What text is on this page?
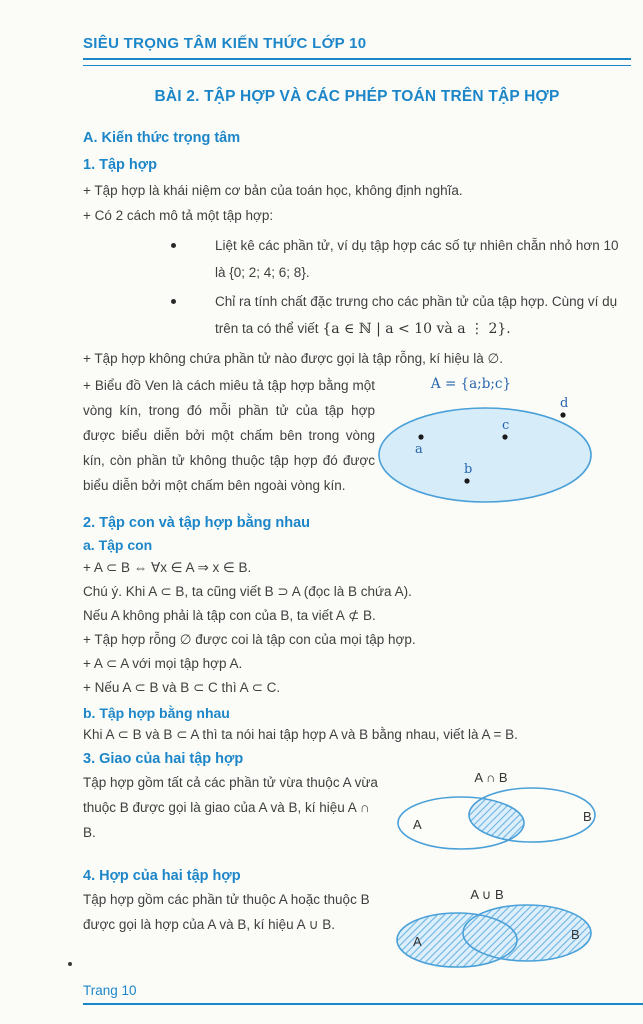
SIÊU TRỌNG TÂM KIẾN THỨC LỚP 10
BÀI 2. TẬP HỢP VÀ CÁC PHÉP TOÁN TRÊN TẬP HỢP
A. Kiến thức trọng tâm
1. Tập hợp

+ Tập hợp là khái niệm cơ bản của toán học, không định nghĩa.

+ Có 2 cách mô tả một tập hợp:

Liệt kê các phần tử, ví dụ tập hợp các số tự nhiên chẵn nhỏ hơn 10 là {0; 2; 4; 6; 8}.
Chỉ ra tính chất đặc trưng cho các phần tử của tập hợp. Cùng ví dụ trên ta có thể viết {a ∈ ℕ | a < 10 và a ⋮ 2}.

+ Tập hợp không chứa phần tử nào được gọi là tập rỗng, kí hiệu là ∅.

+ Biểu đồ Ven là cách miêu tả tập hợp bằng một vòng kín, trong đó mỗi phần tử của tập hợp được biểu diễn bởi một chấm bên trong vòng kín, còn phần tử không thuộc tập hợp đó được biểu diễn bởi một chấm bên ngoài vòng kín.

A = {a;b;c}
a
b
c
d
2. Tập con và tập hợp bằng nhau
a. Tập con

+ A ⊂ B ⇔ ∀x ∈ A ⇒ x ∈ B.

Chú ý. Khi A ⊂ B, ta cũng viết B ⊃ A (đọc là B chứa A).

Nếu A không phải là tập con của B, ta viết A ⊄ B.

+ Tập hợp rỗng ∅ được coi là tập con của mọi tập hợp.

+ A ⊂ A với mọi tập hợp A.

+ Nếu A ⊂ B và B ⊂ C thì A ⊂ C.

b. Tập hợp bằng nhau

Khi A ⊂ B và B ⊂ A thì ta nói hai tập hợp A và B bằng nhau, viết là A = B.

3. Giao của hai tập hợp

Tập hợp gồm tất cả các phần tử vừa thuộc A vừa thuộc B được gọi là giao của A và B, kí hiệu A ∩ B.

A ∩ B
A
B
4. Hợp của hai tập hợp

Tập hợp gồm các phần tử thuộc A hoặc thuộc B được gọi là hợp của A và B, kí hiệu A ∪ B.

A ∪ B
A	B
Trang 10
